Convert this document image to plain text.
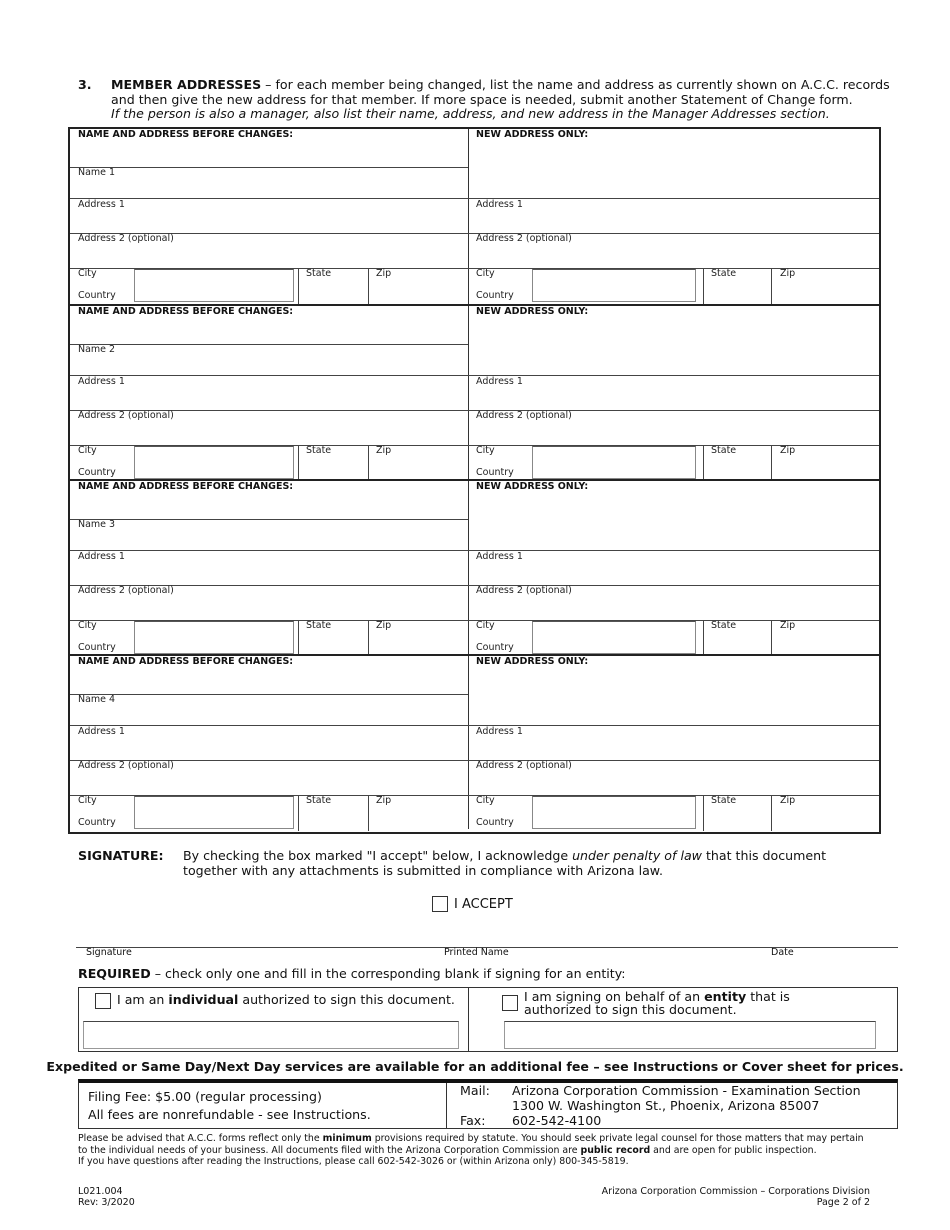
3. MEMBER ADDRESSES – for each member being changed, list the name and address as currently shown on A.C.C. records and then give the new address for that member. If more space is needed, submit another Statement of Change form.
If the person is also a manager, also list their name, address, and new address in the Manager Addresses section.
NAME AND ADDRESS BEFORE CHANGES:
Name 1
Address 1
Address 2 (optional)
City
Country
State	Zip
NEW ADDRESS ONLY:
Address 1
Address 2 (optional)
City
Country
State	Zip
NAME AND ADDRESS BEFORE CHANGES:
Name 2
Address 1
Address 2 (optional)
City
Country
State	Zip
NEW ADDRESS ONLY:
Address 1
Address 2 (optional)
City
Country
State	Zip
NAME AND ADDRESS BEFORE CHANGES:
Name 3
Address 1
Address 2 (optional)
City
Country
State	Zip
NEW ADDRESS ONLY:
Address 1
Address 2 (optional)
City
Country
State	Zip
NAME AND ADDRESS BEFORE CHANGES:
Name 4
Address 1
Address 2 (optional)
City
Country
State	Zip
NEW ADDRESS ONLY:
Address 1
Address 2 (optional)
City
Country
State	Zip
SIGNATURE: By checking the box marked "I accept" below, I acknowledge under penalty of law that this document together with any attachments is submitted in compliance with Arizona law.
I ACCEPT
Signature	Printed Name	Date
REQUIRED – check only one and fill in the corresponding blank if signing for an entity:
I am an individual authorized to sign this document.	I am signing on behalf of an entity that is
authorized to sign this document.
Expedited or Same Day/Next Day services are available for an additional fee – see Instructions or Cover sheet for prices.
Filing Fee: $5.00 (regular processing)
All fees are nonrefundable - see Instructions.
Mail: Arizona Corporation Commission - Examination Section
1300 W. Washington St., Phoenix, Arizona 85007
Fax: 602-542-4100
Please be advised that A.C.C. forms reflect only the minimum provisions required by statute. You should seek private legal counsel for those matters that may pertain
to the individual needs of your business. All documents filed with the Arizona Corporation Commission are public record and are open for public inspection.
If you have questions after reading the Instructions, please call 602-542-3026 or (within Arizona only) 800-345-5819.
L021.004
Rev: 3/2020
Arizona Corporation Commission – Corporations Division
Page 2 of 2
